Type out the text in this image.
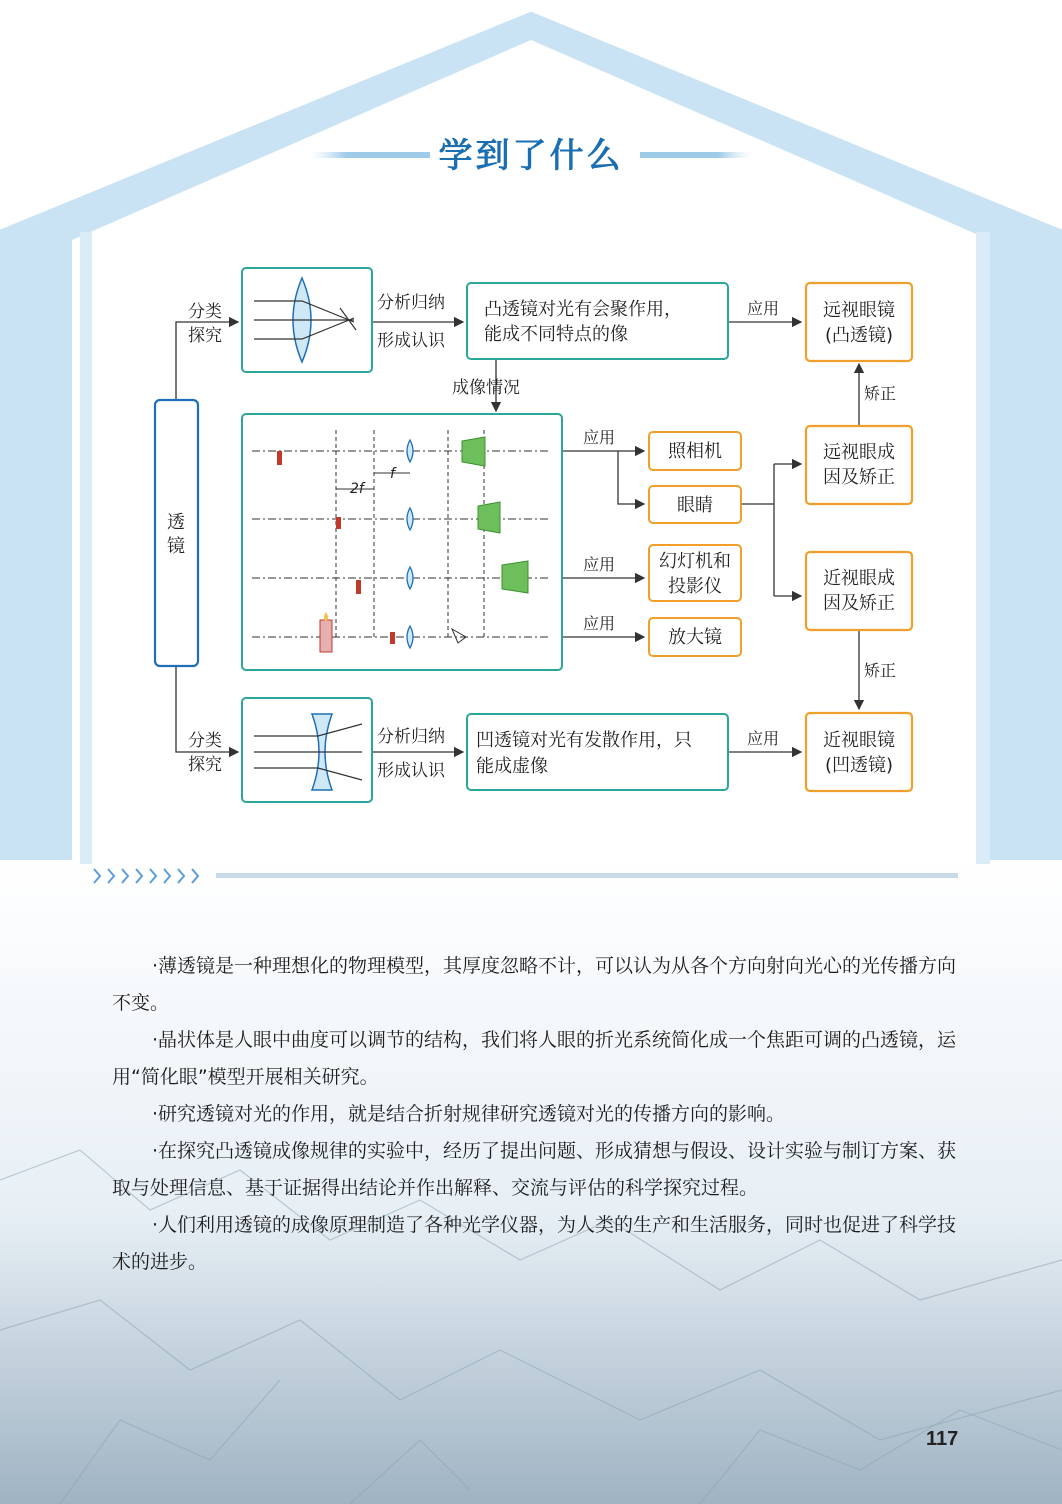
学到了什么
透
分类
探究
分类
探究
分析归纳
形成认识
凸透镜对光有会聚作用，
能成不同特点的像
应用 远视眼镜
(凸透镜)
矫正
成像情况
2f
f
应用
应用
应用
照相机
眼睛
幻灯机和
投影仪
放大镜
远视眼成
因及矫正
近视眼成
因及矫正
矫正
分析归纳
形成认识
凹透镜对光有发散作用，只
能成虚像
应用 近视眼镜
(凹透镜)
镜
·薄透镜是一种理想化的物理模型，其厚度忽略不计，可以认为从各个方向射向光心的光传播方向不变。
·晶状体是人眼中曲度可以调节的结构，我们将人眼的折光系统简化成一个焦距可调的凸透镜，运用“简化眼”模型开展相关研究。
·研究透镜对光的作用，就是结合折射规律研究透镜对光的传播方向的影响。
·在探究凸透镜成像规律的实验中，经历了提出问题、形成猜想与假设、设计实验与制订方案、获取与处理信息、基于证据得出结论并作出解释、交流与评估的科学探究过程。
·人们利用透镜的成像原理制造了各种光学仪器，为人类的生产和生活服务，同时也促进了科学技术的进步。
117
